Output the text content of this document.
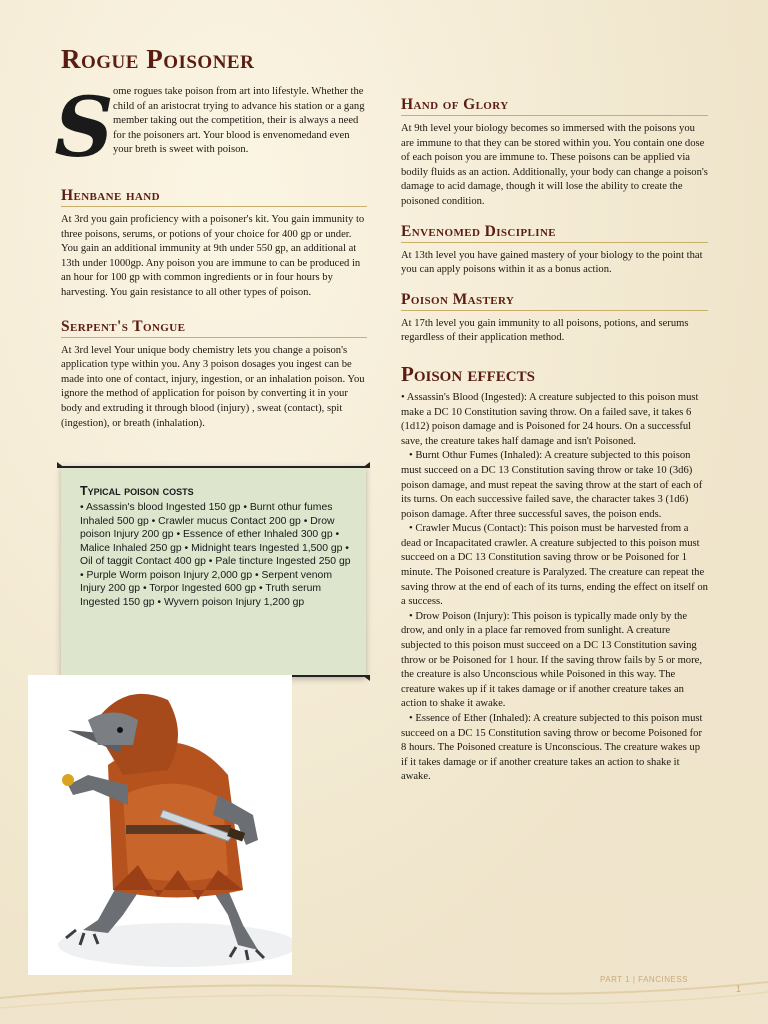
Rogue Poisoner
S ome rogues take poison from art into lifestyle. Whether the child of an aristocrat trying to advance his station or a gang member taking out the competition, their is always a need for the poisoners art. Your blood is envenomedand even your breth is sweet with poison.

Henbane hand

At 3rd you gain proficiency with a poisoner's kit. You gain immunity to three poisons, serums, or potions of your choice for 400 gp or under. You gain an additional immunity at 9th under 550 gp, an additional at 13th under 1000gp. Any poison you are immune to can be produced in an hour for 100 gp with common ingredients or in four hours by harvesting. You gain resistance to all other types of poison.

Serpent's Tongue

At 3rd level Your unique body chemistry lets you change a poison's application type within you. Any 3 poison dosages you ingest can be made into one of contact, injury, ingestion, or an inhalation poison. You ignore the method of application for poison by converting it in your body and extruding it through blood (injury) , sweat (contact), spit (ingestion), or breath (inhalation).

Typical poison costs

• Assassin's blood Ingested 150 gp • Burnt othur fumes Inhaled 500 gp • Crawler mucus Contact 200 gp • Drow poison Injury 200 gp • Essence of ether Inhaled 300 gp • Malice Inhaled 250 gp • Midnight tears Ingested 1,500 gp • Oil of taggit Contact 400 gp • Pale tincture Ingested 250 gp • Purple Worm poison Injury 2,000 gp • Serpent venom Injury 200 gp • Torpor Ingested 600 gp • Truth serum Ingested 150 gp • Wyvern poison Injury 1,200 gp

Hand of Glory

At 9th level your biology becomes so immersed with the poisons you are immune to that they can be stored within you. You contain one dose of each poison you are immune to. These poisons can be applied via bodily fluids as an action. Additionally, your body can change a poison's damage to acid damage, though it will lose the ability to create the poisoned condition.

Envenomed Discipline

At 13th level you have gained mastery of your biology to the point that you can apply poisons within it as a bonus action.

Poison Mastery

At 17th level you gain immunity to all poisons, potions, and serums regardless of their application method.

Poison effects

• Assassin's Blood (Ingested): A creature subjected to this poison must make a DC 10 Constitution saving throw. On a failed save, it takes 6 (1d12) poison damage and is Poisoned for 24 hours. On a successful save, the creature takes half damage and isn't Poisoned.

• Burnt Othur Fumes (Inhaled): A creature subjected to this poison must succeed on a DC 13 Constitution saving throw or take 10 (3d6) poison damage, and must repeat the saving throw at the start of each of its turns. On each successive failed save, the character takes 3 (1d6) poison damage. After three successful saves, the poison ends.

• Crawler Mucus (Contact): This poison must be harvested from a dead or Incapacitated crawler. A creature subjected to this poison must succeed on a DC 13 Constitution saving throw or be Poisoned for 1 minute. The Poisoned creature is Paralyzed. The creature can repeat the saving throw at the end of each of its turns, ending the effect on itself on a success.

• Drow Poison (Injury): This poison is typically made only by the drow, and only in a place far removed from sunlight. A creature subjected to this poison must succeed on a DC 13 Constitution saving throw or be Poisoned for 1 hour. If the saving throw fails by 5 or more, the creature is also Unconscious while Poisoned in this way. The creature wakes up if it takes damage or if another creature takes an action to shake it awake.

• Essence of Ether (Inhaled): A creature subjected to this poison must succeed on a DC 15 Constitution saving throw or become Poisoned for 8 hours. The Poisoned creature is Unconscious. The creature wakes up if it takes damage or if another creature takes an action to shake it awake.

PART 1 | FANCINESS
1
